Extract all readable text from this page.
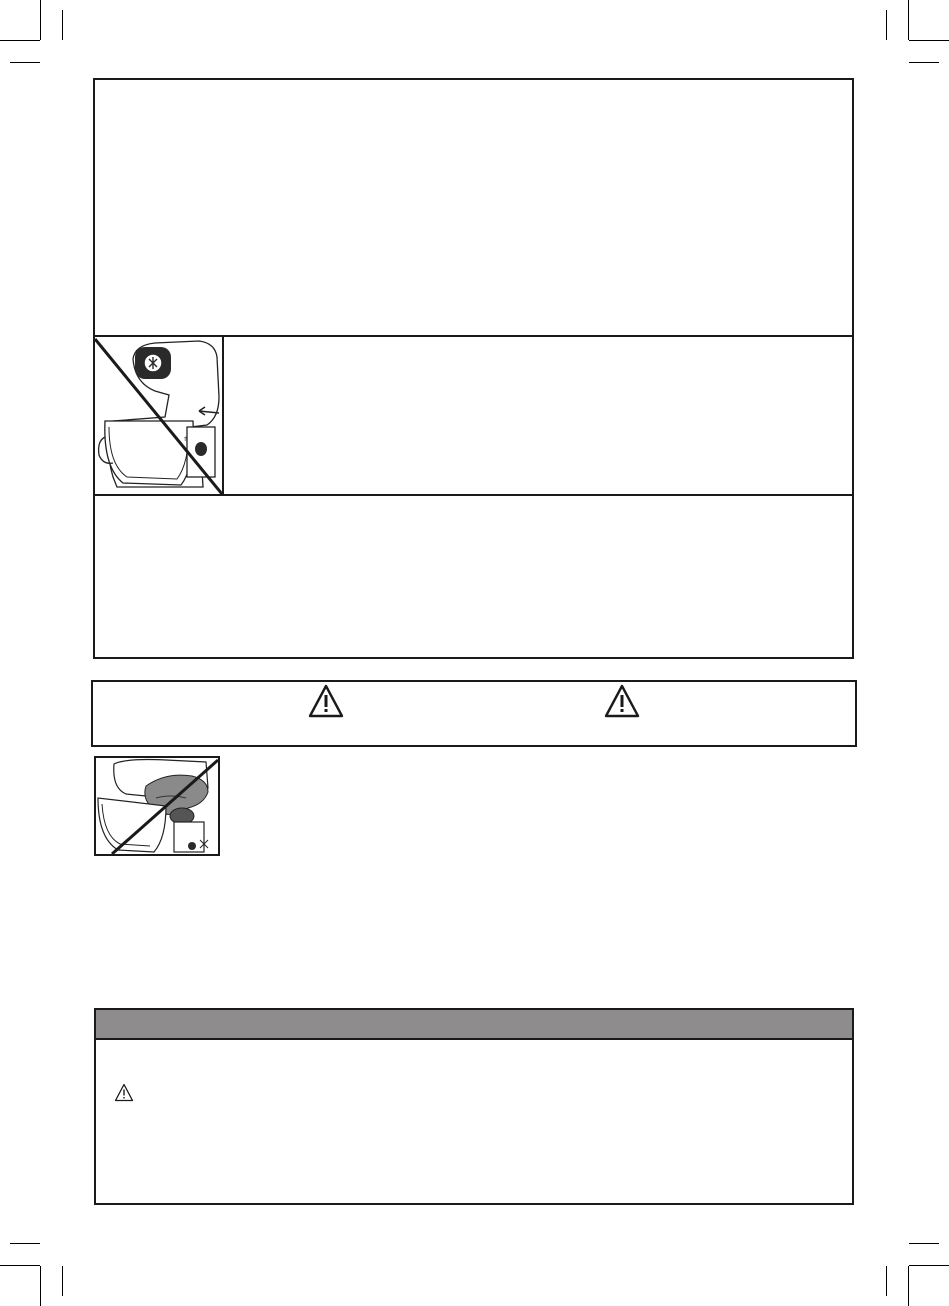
⇑
